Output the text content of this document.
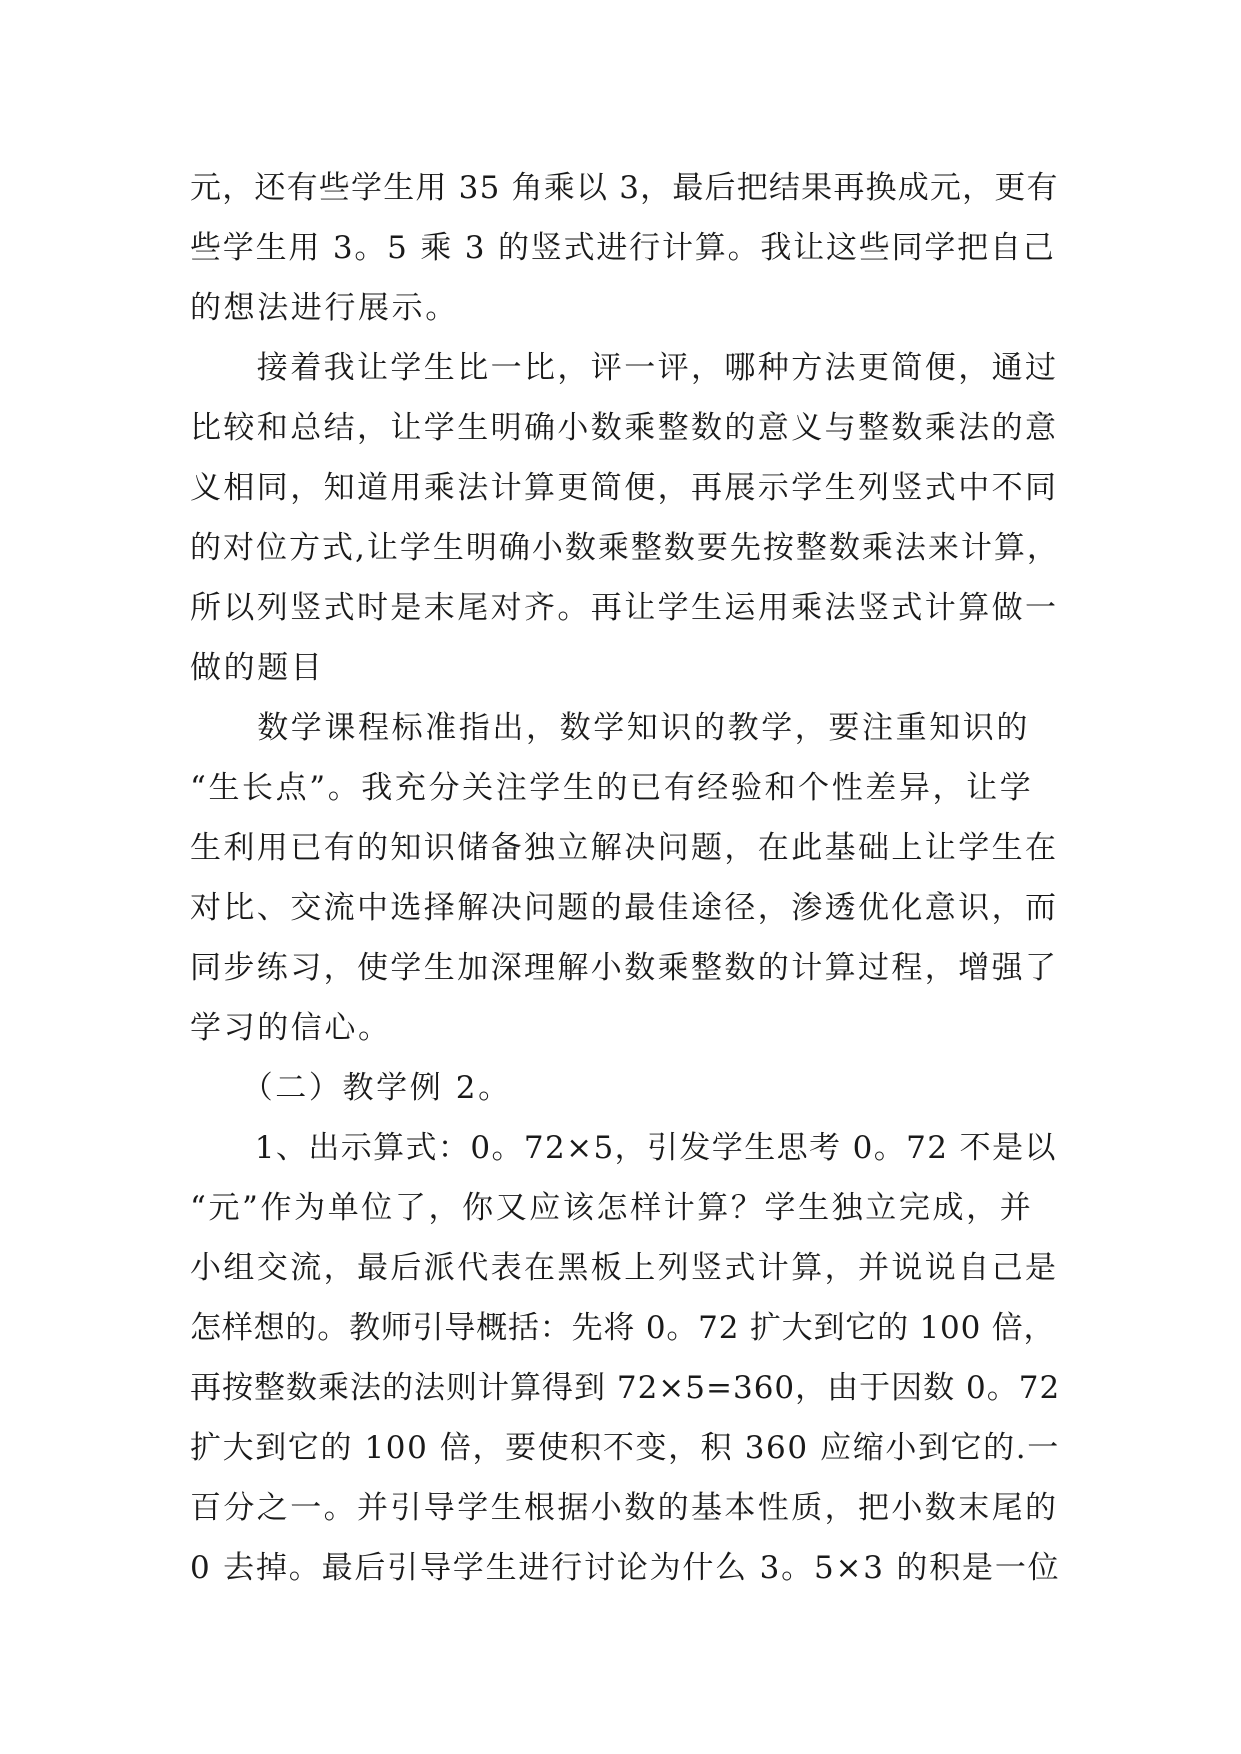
元，还有些学生用 35 角乘以 3，最后把结果再换成元，更有
些学生用 3。5 乘 3 的竖式进行计算。我让这些同学把自己
的想法进行展示。
　　接着我让学生比一比，评一评，哪种方法更简便，通过
比较和总结，让学生明确小数乘整数的意义与整数乘法的意
义相同，知道用乘法计算更简便，再展示学生列竖式中不同
的对位方式,让学生明确小数乘整数要先按整数乘法来计算，
所以列竖式时是末尾对齐。再让学生运用乘法竖式计算做一
做的题目
　　数学课程标准指出，数学知识的教学，要注重知识的
“生长点”。我充分关注学生的已有经验和个性差异，让学
生利用已有的知识储备独立解决问题，在此基础上让学生在
对比、交流中选择解决问题的最佳途径，渗透优化意识，而
同步练习，使学生加深理解小数乘整数的计算过程，增强了
学习的信心。
　　（二）教学例 2。
　　1、出示算式：0。72×5，引发学生思考 0。72 不是以
“元”作为单位了，你又应该怎样计算？学生独立完成，并
小组交流，最后派代表在黑板上列竖式计算，并说说自己是
怎样想的。教师引导概括：先将 0。72 扩大到它的 100 倍，
再按整数乘法的法则计算得到 72×5=360，由于因数 0。72
扩大到它的 100 倍，要使积不变，积 360 应缩小到它的.一
百分之一。并引导学生根据小数的基本性质，把小数末尾的
0 去掉。最后引导学生进行讨论为什么 3。5×3 的积是一位
